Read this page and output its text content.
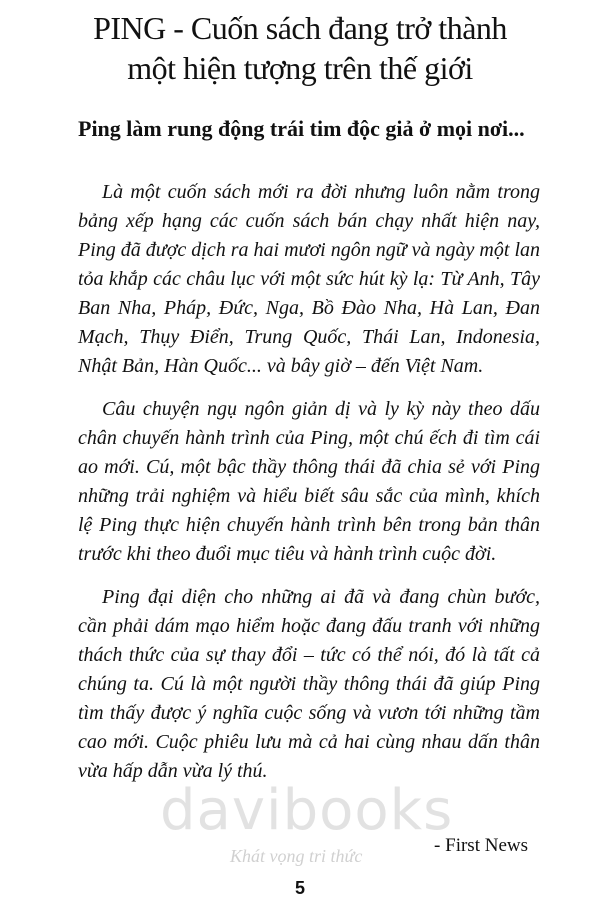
PING - Cuốn sách đang trở thành
một hiện tượng trên thế giới
Ping làm rung động trái tim độc giả ở mọi nơi...

Là một cuốn sách mới ra đời nhưng luôn nằm trong bảng xếp hạng các cuốn sách bán chạy nhất hiện nay, Ping đã được dịch ra hai mươi ngôn ngữ và ngày một lan tỏa khắp các châu lục với một sức hút kỳ lạ: Từ Anh, Tây Ban Nha, Pháp, Đức, Nga, Bồ Đào Nha, Hà Lan, Đan Mạch, Thụy Điển, Trung Quốc, Thái Lan, Indonesia, Nhật Bản, Hàn Quốc... và bây giờ – đến Việt Nam.

Câu chuyện ngụ ngôn giản dị và ly kỳ này theo dấu chân chuyến hành trình của Ping, một chú ếch đi tìm cái ao mới. Cú, một bậc thầy thông thái đã chia sẻ với Ping những trải nghiệm và hiểu biết sâu sắc của mình, khích lệ Ping thực hiện chuyến hành trình bên trong bản thân trước khi theo đuổi mục tiêu và hành trình cuộc đời.

Ping đại diện cho những ai đã và đang chùn bước, cần phải dám mạo hiểm hoặc đang đấu tranh với những thách thức của sự thay đổi – tức có thể nói, đó là tất cả chúng ta. Cú là một người thầy thông thái đã giúp Ping tìm thấy được ý nghĩa cuộc sống và vươn tới những tầm cao mới. Cuộc phiêu lưu mà cả hai cùng nhau dấn thân vừa hấp dẫn vừa lý thú.

davibooks
Khát vọng tri thức	- First News
5
